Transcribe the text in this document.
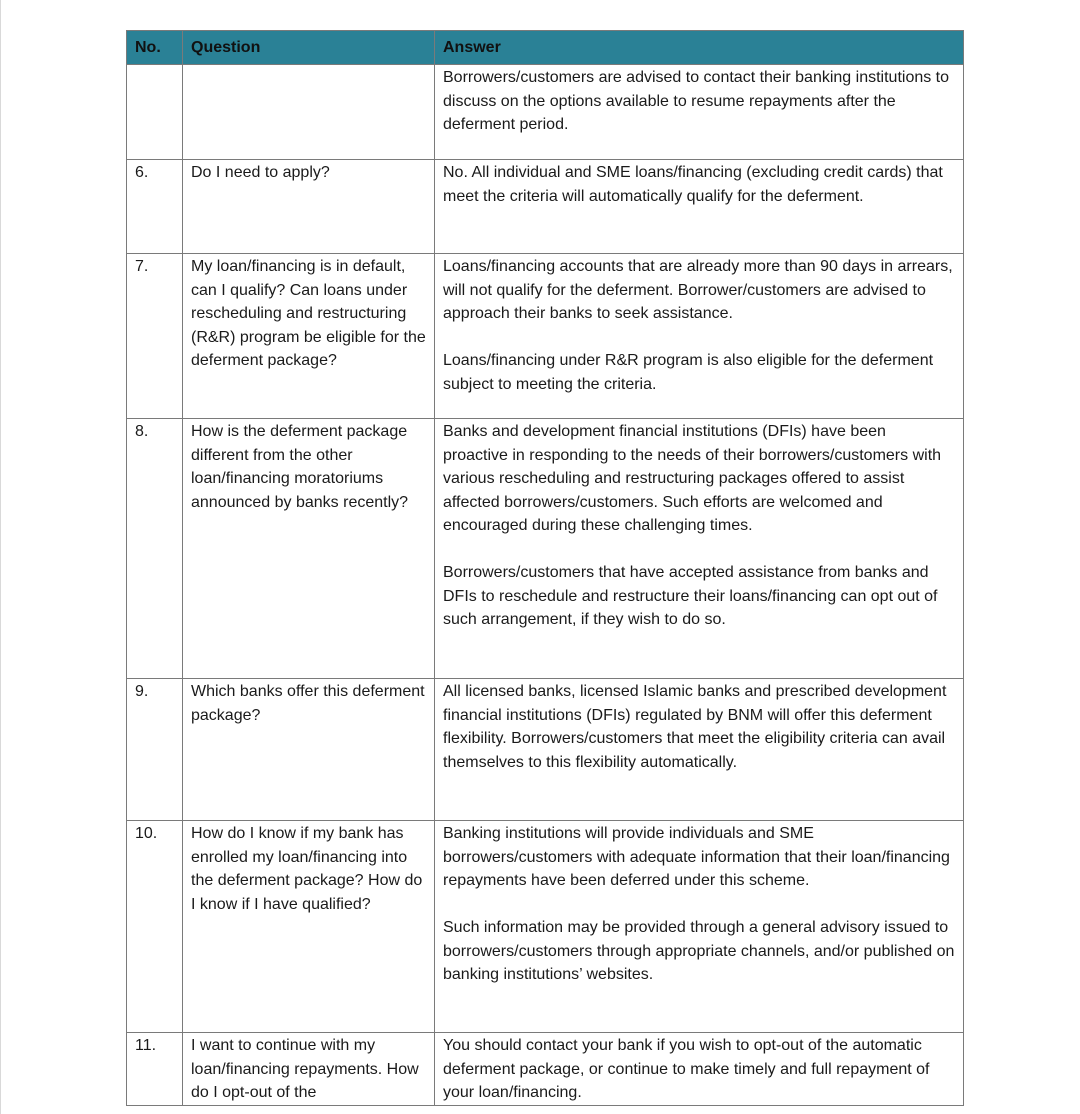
No.	Question	Answer

		Borrowers/customers are advised to contact their banking institutions to discuss on the options available to resume repayments after the deferment period.

6.	Do I need to apply?	No. All individual and SME loans/financing (excluding credit cards) that meet the criteria will automatically qualify for the deferment.

7.	My loan/financing is in default, can I qualify? Can loans under rescheduling and restructuring (R&R) program be eligible for the deferment package?	Loans/financing accounts that are already more than 90 days in arrears, will not qualify for the deferment. Borrower/customers are advised to approach their banks to seek assistance.

Loans/financing under R&R program is also eligible for the deferment subject to meeting the criteria.

8.	How is the deferment package different from the other loan/financing moratoriums announced by banks recently?	Banks and development financial institutions (DFIs) have been proactive in responding to the needs of their borrowers/customers with various rescheduling and restructuring packages offered to assist affected borrowers/customers. Such efforts are welcomed and encouraged during these challenging times.

Borrowers/customers that have accepted assistance from banks and DFIs to reschedule and restructure their loans/financing can opt out of such arrangement, if they wish to do so.

9.	Which banks offer this deferment package?	All licensed banks, licensed Islamic banks and prescribed development financial institutions (DFIs) regulated by BNM will offer this deferment flexibility. Borrowers/customers that meet the eligibility criteria can avail themselves to this flexibility automatically.

10.	How do I know if my bank has enrolled my loan/financing into the deferment package? How do I know if I have qualified?	Banking institutions will provide individuals and SME borrowers/customers with adequate information that their loan/financing repayments have been deferred under this scheme.

Such information may be provided through a general advisory issued to borrowers/customers through appropriate channels, and/or published on banking institutions’ websites.

11.	I want to continue with my loan/financing repayments. How do I opt-out of the	You should contact your bank if you wish to opt-out of the automatic deferment package, or continue to make timely and full repayment of your loan/financing.
